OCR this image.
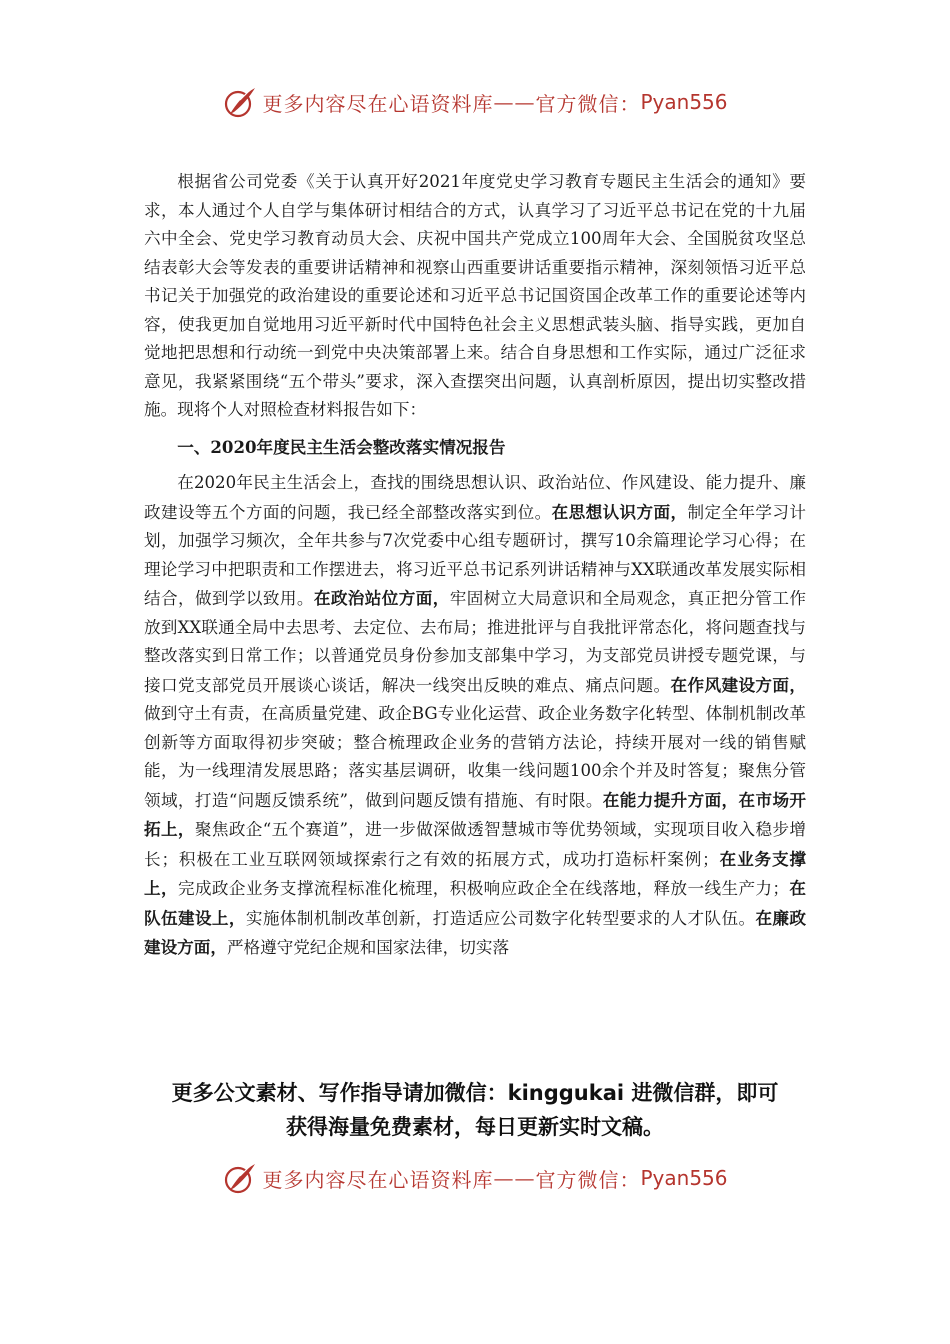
更多内容尽在心语资料库 —— 官方微信： Pyan556

根据省公司党委《关于认真开好2021年度党史学习教育专题民主生活会的通知》要求，本人通过个人自学与集体研讨相结合的方式，认真学习了习近平总书记在党的十九届六中全会、党史学习教育动员大会、庆祝中国共产党成立100周年大会、全国脱贫攻坚总结表彰大会等发表的重要讲话精神和视察山西重要讲话重要指示精神，深刻领悟习近平总书记关于加强党的政治建设的重要论述和习近平总书记国资国企改革工作的重要论述等内容，使我更加自觉地用习近平新时代中国特色社会主义思想武装头脑、指导实践，更加自觉地把思想和行动统一到党中央决策部署上来。结合自身思想和工作实际，通过广泛征求意见，我紧紧围绕“五个带头”要求，深入查摆突出问题，认真剖析原因，提出切实整改措施。现将个人对照检查材料报告如下：

一、2020年度民主生活会整改落实情况报告

在2020年民主生活会上，查找的围绕思想认识、政治站位、作风建设、能力提升、廉政建设等五个方面的问题，我已经全部整改落实到位。在思想认识方面，制定全年学习计划，加强学习频次，全年共参与7次党委中心组专题研讨，撰写10余篇理论学习心得；在理论学习中把职责和工作摆进去，将习近平总书记系列讲话精神与XX联通改革发展实际相结合，做到学以致用。在政治站位方面，牢固树立大局意识和全局观念，真正把分管工作放到XX联通全局中去思考、去定位、去布局；推进批评与自我批评常态化，将问题查找与整改落实到日常工作；以普通党员身份参加支部集中学习，为支部党员讲授专题党课，与接口党支部党员开展谈心谈话，解决一线突出反映的难点、痛点问题。在作风建设方面，做到守土有责，在高质量党建、政企BG专业化运营、政企业务数字化转型、体制机制改革创新等方面取得初步突破；整合梳理政企业务的营销方法论，持续开展对一线的销售赋能，为一线理清发展思路；落实基层调研，收集一线问题100余个并及时答复；聚焦分管领域，打造“问题反馈系统”，做到问题反馈有措施、有时限。在能力提升方面，在市场开拓上，聚焦政企“五个赛道”，进一步做深做透智慧城市等优势领域，实现项目收入稳步增长；积极在工业互联网领域探索行之有效的拓展方式，成功打造标杆案例；在业务支撑上，完成政企业务支撑流程标准化梳理，积极响应政企全在线落地，释放一线生产力；在队伍建设上，实施体制机制改革创新，打造适应公司数字化转型要求的人才队伍。在廉政建设方面，严格遵守党纪企规和国家法律，切实落

更多公文素材、写作指导请加微信：kinggukai 进微信群，即可
获得海量免费素材，每日更新实时文稿。
更多内容尽在心语资料库 —— 官方微信： Pyan556
